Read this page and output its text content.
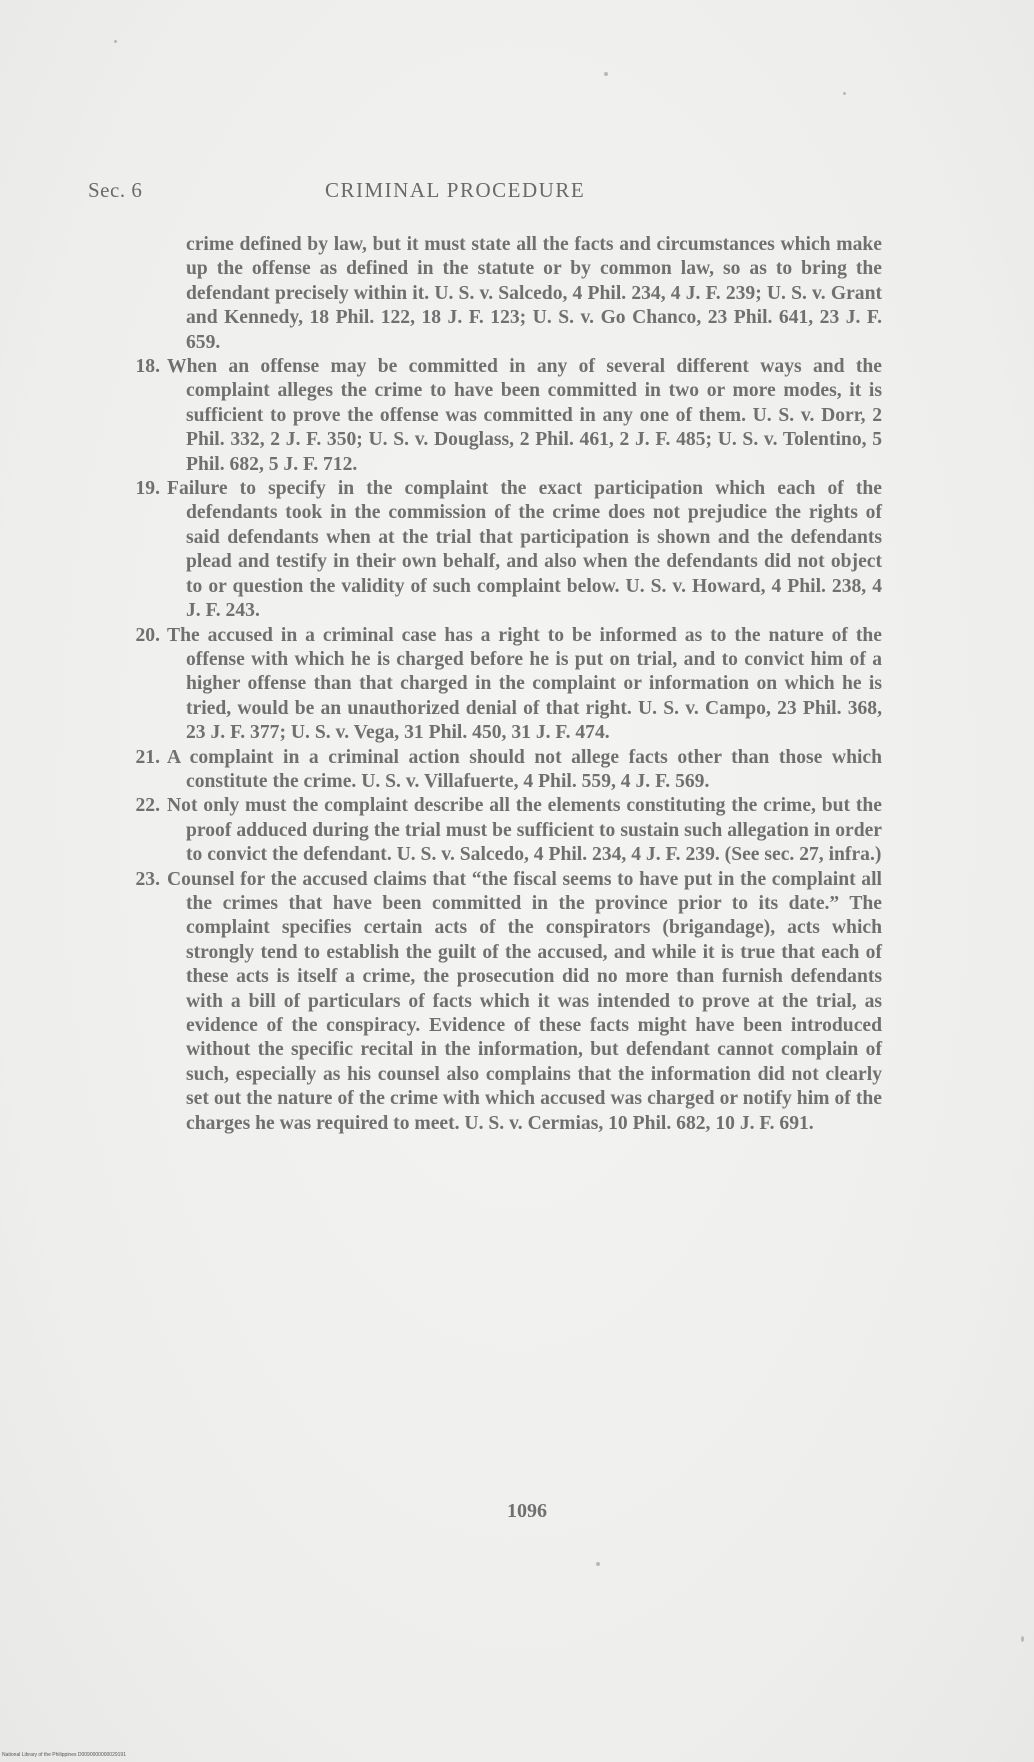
Sec. 6	CRIMINAL PROCEDURE

crime defined by law, but it must state all the facts and circumstances which make up the offense as defined in the statute or by common law, so as to bring the defendant precisely within it. U. S. v. Salcedo, 4 Phil. 234, 4 J. F. 239; U. S. v. Grant and Kennedy, 18 Phil. 122, 18 J. F. 123; U. S. v. Go Chanco, 23 Phil. 641, 23 J. F. 659.

18. When an offense may be committed in any of several different ways and the complaint alleges the crime to have been committed in two or more modes, it is sufficient to prove the offense was committed in any one of them. U. S. v. Dorr, 2 Phil. 332, 2 J. F. 350; U. S. v. Douglass, 2 Phil. 461, 2 J. F. 485; U. S. v. Tolentino, 5 Phil. 682, 5 J. F. 712.

19. Failure to specify in the complaint the exact participation which each of the defendants took in the commission of the crime does not prejudice the rights of said defendants when at the trial that participation is shown and the defendants plead and testify in their own behalf, and also when the defendants did not object to or question the validity of such complaint below. U. S. v. Howard, 4 Phil. 238, 4 J. F. 243.

20. The accused in a criminal case has a right to be informed as to the nature of the offense with which he is charged before he is put on trial, and to convict him of a higher offense than that charged in the complaint or information on which he is tried, would be an unauthorized denial of that right. U. S. v. Campo, 23 Phil. 368, 23 J. F. 377; U. S. v. Vega, 31 Phil. 450, 31 J. F. 474.

21. A complaint in a criminal action should not allege facts other than those which constitute the crime. U. S. v. Villafuerte, 4 Phil. 559, 4 J. F. 569.

22. Not only must the complaint describe all the elements constituting the crime, but the proof adduced during the trial must be sufficient to sustain such allegation in order to convict the defendant. U. S. v. Salcedo, 4 Phil. 234, 4 J. F. 239. (See sec. 27, infra.)

23. Counsel for the accused claims that “the fiscal seems to have put in the complaint all the crimes that have been committed in the province prior to its date.” The complaint specifies certain acts of the conspirators (brigandage), acts which strongly tend to establish the guilt of the accused, and while it is true that each of these acts is itself a crime, the prosecution did no more than furnish defendants with a bill of particulars of facts which it was intended to prove at the trial, as evidence of the conspiracy. Evidence of these facts might have been introduced without the specific recital in the information, but defendant cannot complain of such, especially as his counsel also complains that the information did not clearly set out the nature of the crime with which accused was charged or notify him of the charges he was required to meet. U. S. v. Cermias, 10 Phil. 682, 10 J. F. 691.

1096
National Library of the Philippines D0090000000029191
